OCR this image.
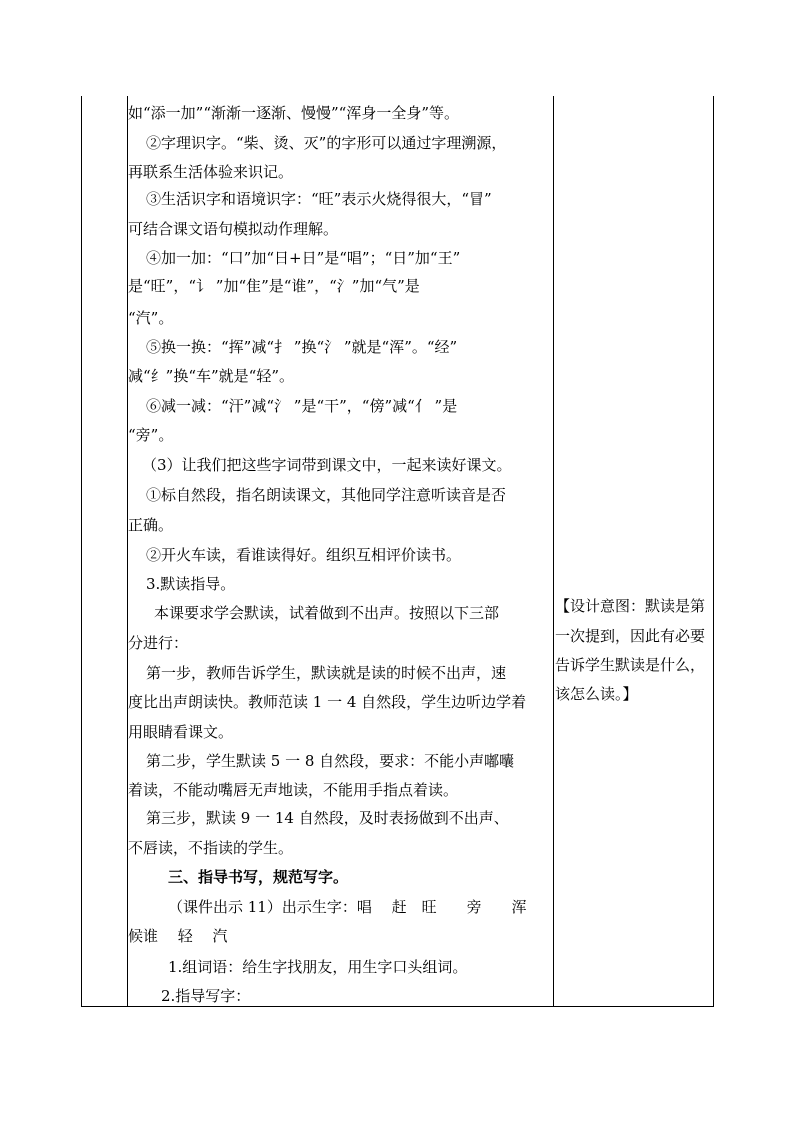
如“添一加”“渐渐一逐渐、慢慢”“浑身一全身”等。
②字理识字。“柴、烫、灭”的字形可以通过字理溯源，
再联系生活体验来识记。
③生活识字和语境识字：“旺”表示火烧得很大，“冒”
可结合课文语句模拟动作理解。
④加一加：“口”加“日+日”是“唱”；“日”加“王”
是“旺”，“讠 ”加“隹”是“谁”，“氵”加“气”是
“汽”。
⑤换一换：“挥”减“扌 ”换“氵 ”就是“浑”。“经”
减“纟”换“车”就是“轻”。
⑥减一减：“汗”减“氵 ”是“干”，“傍”减“亻 ”是
“旁”。
（3）让我们把这些字词带到课文中，一起来读好课文。
①标自然段，指名朗读课文，其他同学注意听读音是否
正确。
②开火车读，看谁读得好。组织互相评价读书。
3.默读指导。
本课要求学会默读，试着做到不出声。按照以下三部
分进行：
第一步，教师告诉学生，默读就是读的时候不出声，速
度比出声朗读快。教师范读 1 一 4 自然段，学生边听边学着
用眼睛看课文。
第二步，学生默读 5 一 8 自然段，要求：不能小声嘟囔
着读，不能动嘴唇无声地读，不能用手指点着读。
第三步，默读 9 一 14 自然段，及时表扬做到不出声、
不唇读，不指读的学生。
三、指导书写，规范写字。
（课件出示 11）出示生字：唱　 赶　旺　　旁　　浑
候谁　 轻　 汽
1.组词语：给生字找朋友，用生字口头组词。
2.指导写字：
【设计意图：默读是第
一次提到，因此有必要
告诉学生默读是什么，
该怎么读。】
